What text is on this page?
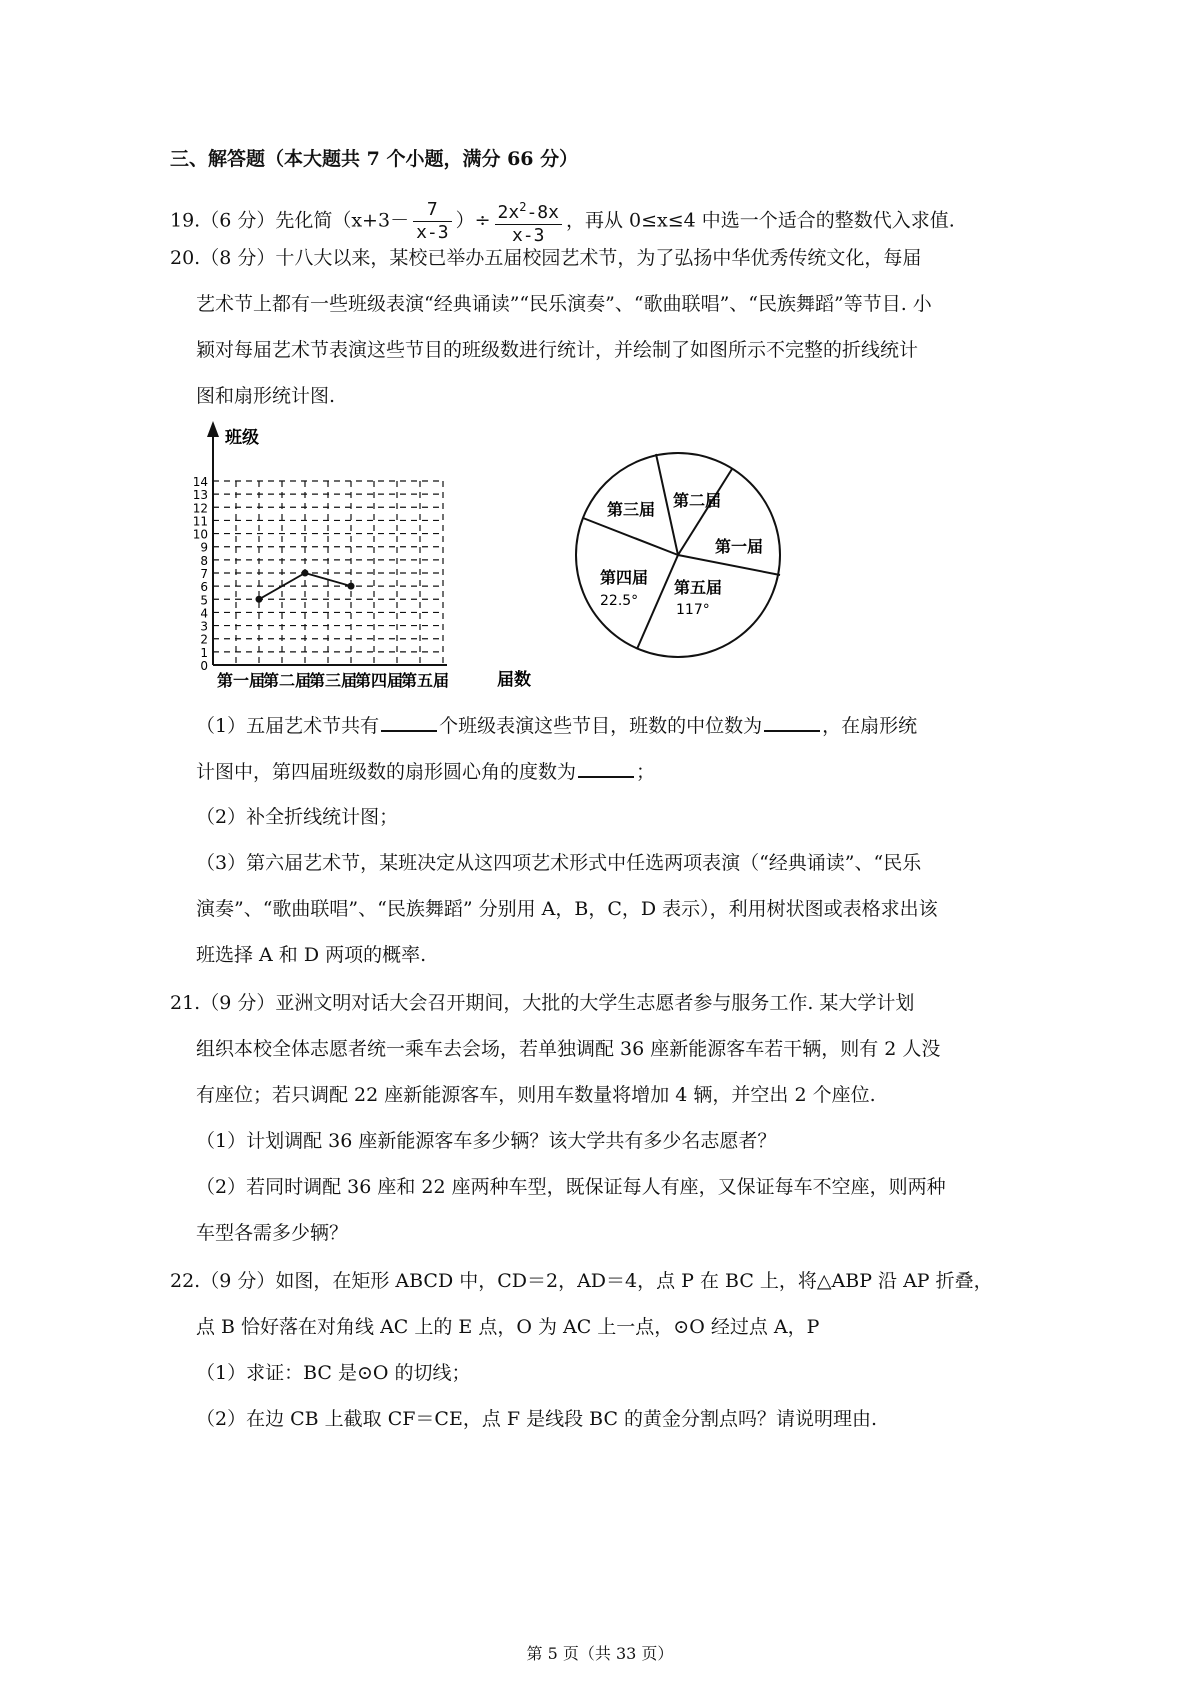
三、解答题（本大题共 7 个小题，满分 66 分）
19.（6 分）先化简（$x+3- \frac{7}{x-3}$ ）÷ $\frac{2x^2-8x}{x-3}$ ，再从 0≤x≤4 中选一个适合的整数代入求值.
20.（8 分）十八大以来，某校已举办五届校园艺术节，为了弘扬中华优秀传统文化，每届
艺术节上都有一些班级表演“经典诵读”“民乐演奏”、“歌曲联唱”、“民族舞蹈”等节目. 小
颖对每届艺术节表演这些节目的班级数进行统计，并绘制了如图所示不完整的折线统计
图和扇形统计图.
班级
届数
0
1
2
3
4
5
6
7
8
9
10
11
12
13
14
第一届
第二届
第三届
第四届
第五届
第三届 第二届
第一届
第四届
22.5°
第五届
117°
（1）五届艺术节共有	个班级表演这些节目，班数的中位数为	，在扇形统
计图中，第四届班级数的扇形圆心角的度数为	；
（2）补全折线统计图；
（3）第六届艺术节，某班决定从这四项艺术形式中任选两项表演（“经典诵读”、“民乐
演奏”、“歌曲联唱”、“民族舞蹈” 分别用 A，B，C，D 表示），利用树状图或表格求出该
班选择 A 和 D 两项的概率.
21.（9 分）亚洲文明对话大会召开期间，大批的大学生志愿者参与服务工作. 某大学计划
组织本校全体志愿者统一乘车去会场，若单独调配 36 座新能源客车若干辆，则有 2 人没
有座位；若只调配 22 座新能源客车，则用车数量将增加 4 辆，并空出 2 个座位.
（1）计划调配 36 座新能源客车多少辆？该大学共有多少名志愿者？
（2）若同时调配 36 座和 22 座两种车型，既保证每人有座，又保证每车不空座，则两种
车型各需多少辆？
22.（9 分）如图，在矩形 ABCD 中，CD＝2，AD＝4，点 P 在 BC 上，将△ABP 沿 AP 折叠，
点 B 恰好落在对角线 AC 上的 E 点，O 为 AC 上一点，⊙O 经过点 A，P
（1）求证：BC 是⊙O 的切线；
（2）在边 CB 上截取 CF＝CE，点 F 是线段 BC 的黄金分割点吗？请说明理由.
第 5 页（共 33 页）
